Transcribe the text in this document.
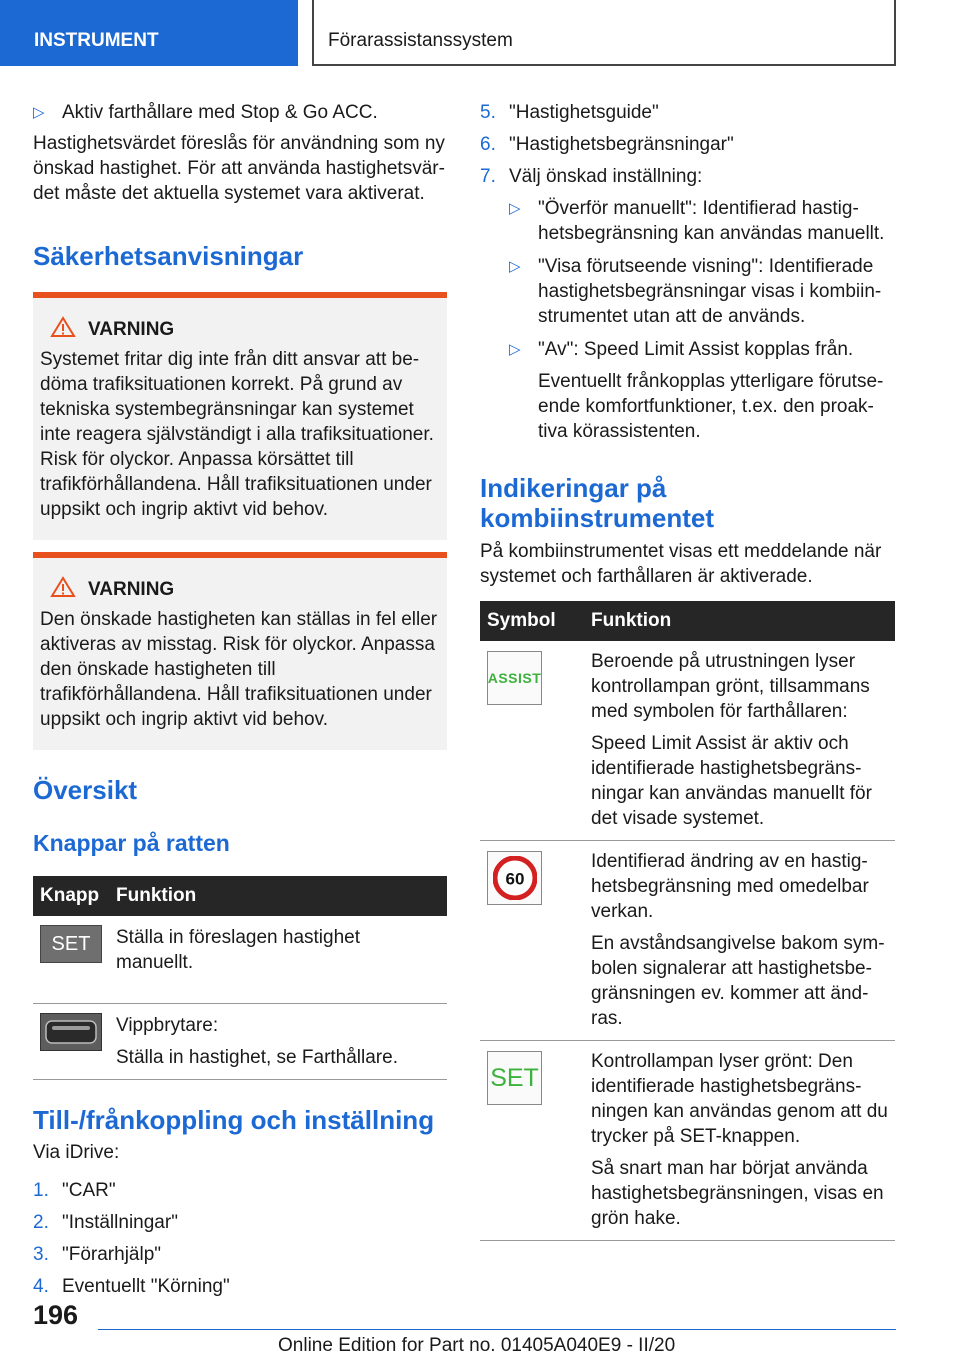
INSTRUMENT	Förarassistanssystem
▷ Aktiv farthållare med Stop & Go ACC.

Hastighetsvärdet föreslås för användning som ny önskad hastighet. För att använda hastighetsvärdet måste det aktuella systemet vara aktiverat.

Säkerhetsanvisningar
VARNING

Systemet fritar dig inte från ditt ansvar att bedöma trafiksituationen korrekt. På grund av tekniska systembegränsningar kan systemet inte reagera självständigt i alla trafiksituationer. Risk för olyckor. Anpassa körsättet till trafikförhållandena. Håll trafiksituationen under uppsikt och ingrip aktivt vid behov.

VARNING

Den önskade hastigheten kan ställas in fel eller aktiveras av misstag. Risk för olyckor. Anpassa den önskade hastigheten till trafikförhållandena. Håll trafiksituationen under uppsikt och ingrip aktivt vid behov.

Översikt
Knappar på ratten
Knapp	Funktion

SET	Ställa in föreslagen hastighet manuellt.

Vippbrytare:

Ställa in hastighet, se Farthållare.

Till-/frånkoppling och inställning

Via iDrive:

1. "CAR"
2. "Inställningar"
3. "Förarhjälp"
4. Eventuellt "Körning"
5. "Hastighetsguide"
6. "Hastighetsbegränsningar"
7. Välj önskad inställning:
▷ "Överför manuellt": Identifierad hastighetsbegränsning kan användas manuellt.
▷ "Visa förutseende visning": Identifierade hastighetsbegränsningar visas i kombiinstrumentet utan att de används.
▷ "Av": Speed Limit Assist kopplas från.

Eventuellt frånkopplas ytterligare förutseende komfortfunktioner, t.ex. den proaktiva körassistenten.

Indikeringar på kombiinstrumentet

På kombiinstrumentet visas ett meddelande när systemet och farthållaren är aktiverade.

Symbol	Funktion

ASSIST	Beroende på utrustningen lyser kontrollampan grönt, tillsammans med symbolen för farthållaren:

Speed Limit Assist är aktiv och identifierade hastighetsbegränsningar kan användas manuellt för det visade systemet.

60	Identifierad ändring av en hastighetsbegränsning med omedelbar verkan.

En avståndsangivelse bakom symbolen signalerar att hastighetsbegränsningen ev. kommer att ändras.

SET	Kontrollampan lyser grönt: Den identifierade hastighetsbegränsningen kan användas genom att du trycker på SET-knappen.

Så snart man har börjat använda hastighetsbegränsningen, visas en grön hake.

196
Online Edition for Part no. 01405A040E9 - II/20
